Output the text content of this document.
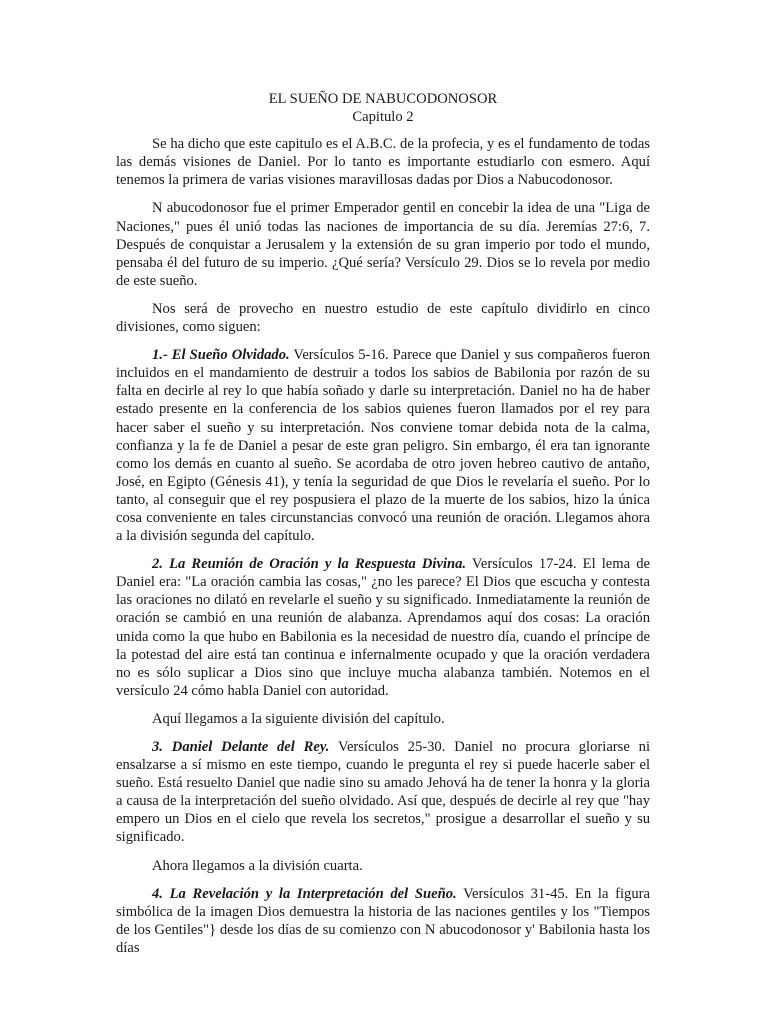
EL SUEÑO DE NABUCODONOSOR
Capitulo 2

Se ha dicho que este capitulo es el A.B.C. de la profecia, y es el fundamento de todas las demás visiones de Daniel. Por lo tanto es importante estudiarlo con esmero. Aquí tenemos la primera de varias visiones maravillosas dadas por Dios a Nabucodonosor.

N abucodonosor fue el primer Emperador gentil en concebir la idea de una "Liga de Naciones," pues él unió todas las naciones de importancia de su día. Jeremías 27:6, 7. Después de conquistar a Jerusalem y la extensión de su gran imperio por todo el mundo, pensaba él del futuro de su imperio. ¿Qué sería? Versículo 29. Dios se lo revela por medio de este sueño.

Nos será de provecho en nuestro estudio de este capítulo dividirlo en cinco divisiones, como siguen:

1.- El Sueño Olvidado. Versículos 5-16. Parece que Daniel y sus compañeros fueron incluidos en el mandamiento de destruir a todos los sabios de Babilonia por razón de su falta en decirle al rey lo que había soñado y darle su interpretación. Daniel no ha de haber estado presente en la conferencia de los sabios quienes fueron llamados por el rey para hacer saber el sueño y su interpretación. Nos conviene tomar debida nota de la calma, confianza y la fe de Daniel a pesar de este gran peligro. Sin embargo, él era tan ignorante como los demás en cuanto al sueño. Se acordaba de otro joven hebreo cautivo de antaño, José, en Egipto (Génesis 41), y tenía la seguridad de que Dios le revelaría el sueño. Por lo tanto, al conseguir que el rey pospusiera el plazo de la muerte de los sabios, hizo la única cosa conveniente en tales circunstancias convocó una reunión de oración. Llegamos ahora a la división segunda del capítulo.

2. La Reunión de Oración y la Respuesta Divina. Versículos 17-24. El lema de Daniel era: "La oración cambia las cosas," ¿no les parece? El Dios que escucha y contesta las oraciones no dilató en revelarle el sueño y su significado. Inmediatamente la reunión de oración se cambió en una reunión de alabanza. Aprendamos aquí dos cosas: La oración unida como la que hubo en Babilonia es la necesidad de nuestro día, cuando el príncipe de la potestad del aire está tan continua e infernalmente ocupado y que la oración verdadera no es sólo suplicar a Dios sino que incluye mucha alabanza también. Notemos en el versículo 24 cómo habla Daniel con autoridad.

Aquí llegamos a la siguiente división del capítulo.

3. Daniel Delante del Rey. Versículos 25-30. Daniel no procura gloriarse ni ensalzarse a sí mismo en este tiempo, cuando le pregunta el rey si puede hacerle saber el sueño. Está resuelto Daniel que nadie sino su amado Jehová ha de tener la honra y la gloria a causa de la interpretación del sueño olvidado. Así que, después de decirle al rey que "hay empero un Dios en el cielo que revela los secretos," prosigue a desarrollar el sueño y su significado.

Ahora llegamos a la división cuarta.

4. La Revelación y la Interpretación del Sueño. Versículos 31-45. En la figura simbólica de la imagen Dios demuestra la historia de las naciones gentiles y los "Tiempos de los Gentiles"} desde los días de su comienzo con N abucodonosor y' Babilonia hasta los días
